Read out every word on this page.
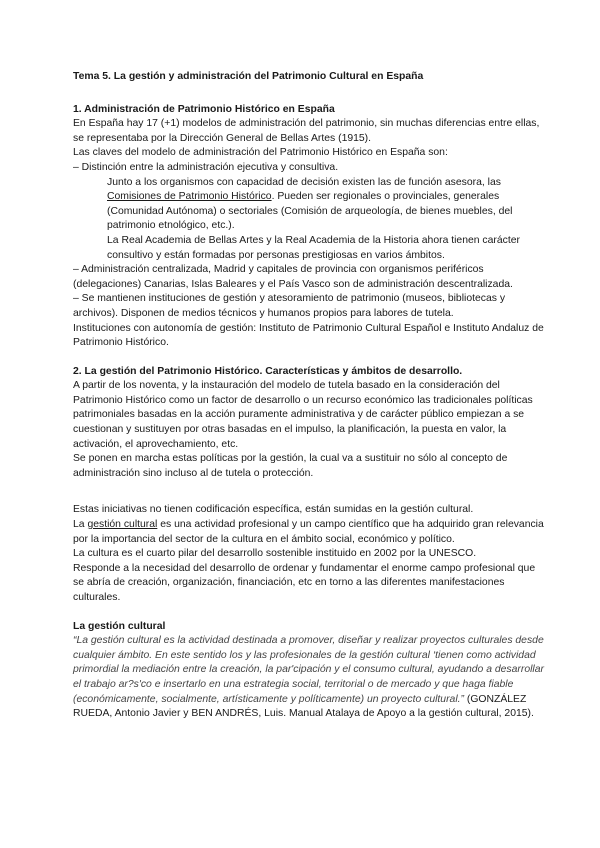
Tema 5. La gestión y administración del Patrimonio Cultural en España

1. Administración de Patrimonio Histórico en España

En España hay 17 (+1) modelos de administración del patrimonio, sin muchas diferencias entre ellas, se representaba por la Dirección General de Bellas Artes (1915).

Las claves del modelo de administración del Patrimonio Histórico en España son:

– Distinción entre la administración ejecutiva y consultiva.

Junto a los organismos con capacidad de decisión existen las de función asesora, las Comisiones de Patrimonio Histórico. Pueden ser regionales o provinciales, generales (Comunidad Autónoma) o sectoriales (Comisión de arqueología, de bienes muebles, del patrimonio etnológico, etc.).

La Real Academia de Bellas Artes y la Real Academia de la Historia ahora tienen carácter consultivo y están formadas por personas prestigiosas en varios ámbitos.

– Administración centralizada, Madrid y capitales de provincia con organismos periféricos (delegaciones) Canarias, Islas Baleares y el País Vasco son de administración descentralizada.

– Se mantienen instituciones de gestión y atesoramiento de patrimonio (museos, bibliotecas y archivos). Disponen de medios técnicos y humanos propios para labores de tutela.

Instituciones con autonomía de gestión: Instituto de Patrimonio Cultural Español e Instituto Andaluz de Patrimonio Histórico.

2. La gestión del Patrimonio Histórico. Características y ámbitos de desarrollo.

A partir de los noventa, y la instauración del modelo de tutela basado en la consideración del Patrimonio Histórico como un factor de desarrollo o un recurso económico las tradicionales políticas patrimoniales basadas en la acción puramente administrativa y de carácter público empiezan a se cuestionan y sustituyen por otras basadas en el impulso, la planificación, la puesta en valor, la activación, el aprovechamiento, etc.

Se ponen en marcha estas políticas por la gestión, la cual va a sustituir no sólo al concepto de administración sino incluso al de tutela o protección.

Estas iniciativas no tienen codificación específica, están sumidas en la gestión cultural.

La gestión cultural es una actividad profesional y un campo científico que ha adquirido gran relevancia por la importancia del sector de la cultura en el ámbito social, económico y político.

La cultura es el cuarto pilar del desarrollo sostenible instituido en 2002 por la UNESCO.

Responde a la necesidad del desarrollo de ordenar y fundamentar el enorme campo profesional que se abría de creación, organización, financiación, etc en torno a las diferentes manifestaciones culturales.

La gestión cultural

“La gestión cultural es la actividad destinada a promover, diseñar y realizar proyectos culturales desde cualquier ámbito. En este sentido los y las profesionales de la gestión cultural ‘tienen como actividad primordial la mediación entre la creación, la par'cipación y el consumo cultural, ayudando a desarrollar el trabajo ar?s'co e insertarlo en una estrategia social, territorial o de mercado y que haga fiable (económicamente, socialmente, artísticamente y políticamente) un proyecto cultural.” (GONZÁLEZ RUEDA, Antonio Javier y BEN ANDRÉS, Luis. Manual Atalaya de Apoyo a la gestión cultural, 2015).
